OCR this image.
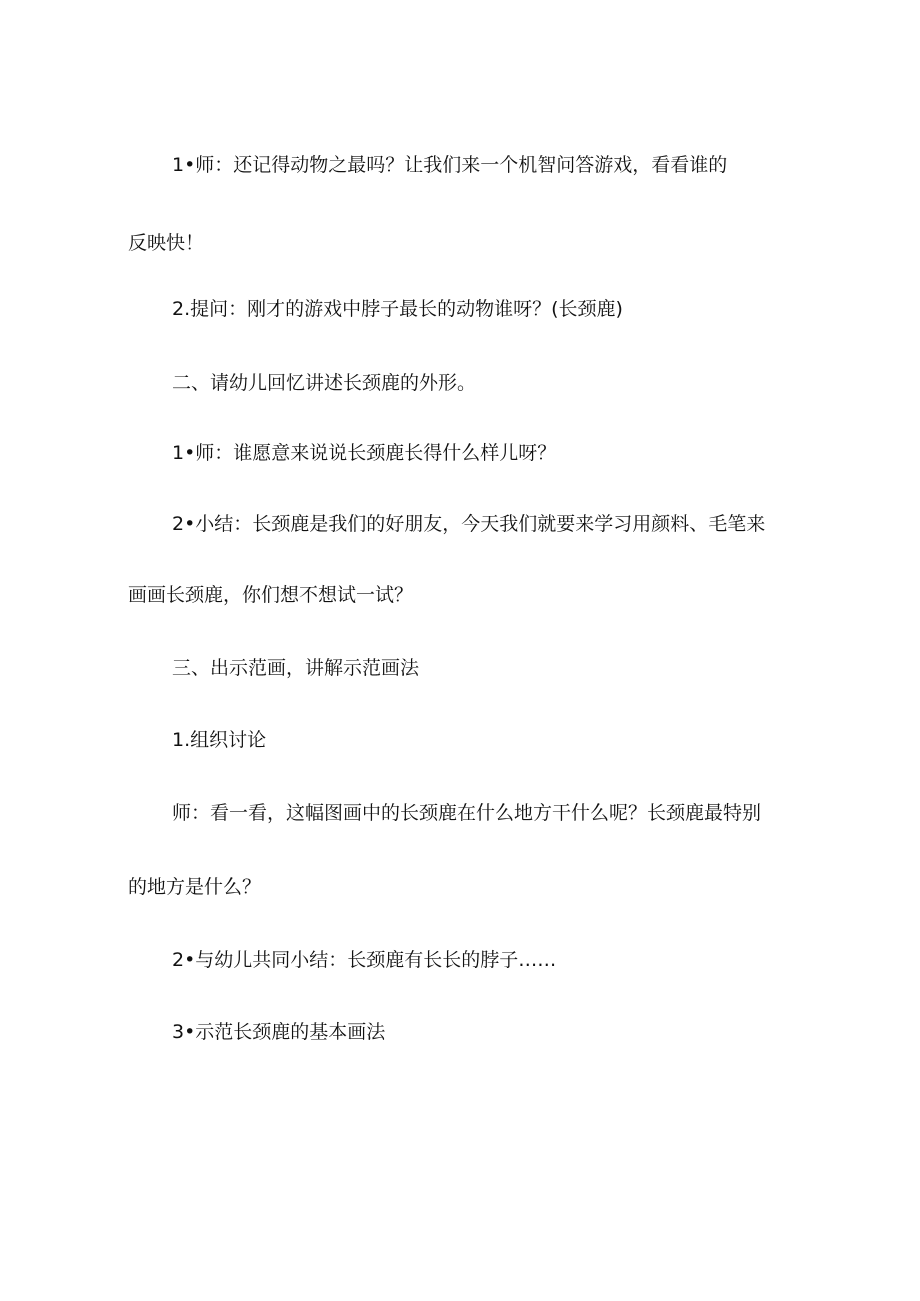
1•师：还记得动物之最吗？让我们来一个机智问答游戏，看看谁的
反映快！
2.提问：刚才的游戏中脖子最长的动物谁呀？(长颈鹿)
二、请幼儿回忆讲述长颈鹿的外形。
1•师：谁愿意来说说长颈鹿长得什么样儿呀？
2•小结：长颈鹿是我们的好朋友，今天我们就要来学习用颜料、毛笔来
画画长颈鹿，你们想不想试一试？
三、出示范画，讲解示范画法
1.组织讨论
师：看一看，这幅图画中的长颈鹿在什么地方干什么呢？长颈鹿最特别
的地方是什么？
2•与幼儿共同小结：长颈鹿有长长的脖子……
3•示范长颈鹿的基本画法
